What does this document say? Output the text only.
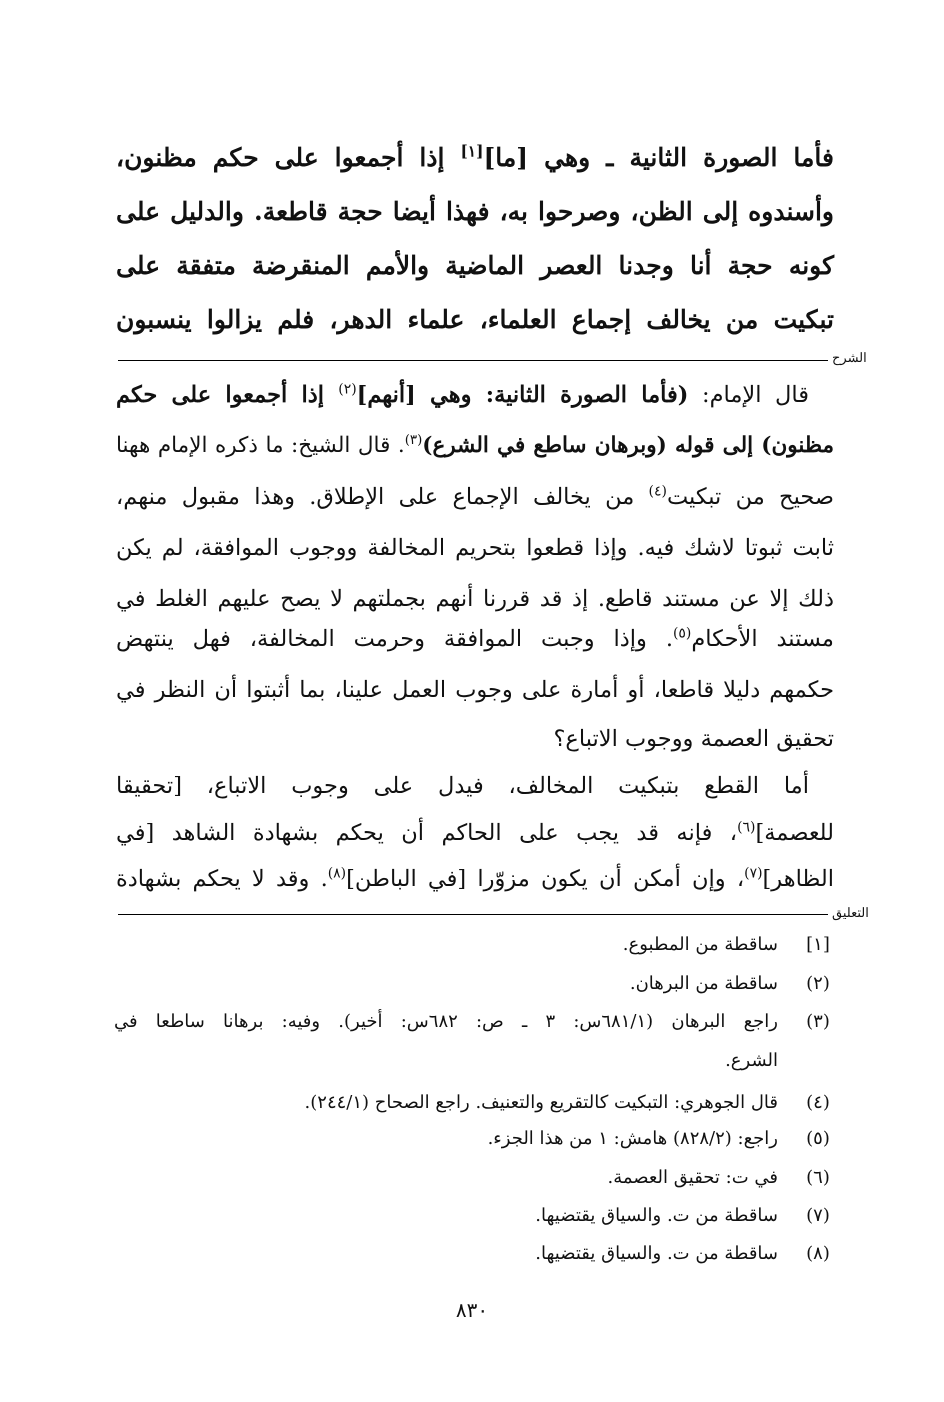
فأما الصورة الثانية ـ وهي [ما][١] إذا أجمعوا على حكم مظنون،
وأسندوه إلى الظن، وصرحوا به، فهذا أيضا حجة قاطعة. والدليل على
كونه حجة أنا وجدنا العصر الماضية والأمم المنقرضة متفقة على
تبكيت من يخالف إجماع العلماء، علماء الدهر، فلم يزالوا ينسبون
الشرح
قال الإمام: (فأما الصورة الثانية: وهي [أنهم]$^{(٢)}$ إذا أجمعوا على حكم
مظنون) إلى قوله (وبرهان ساطع في الشرع)$^{(٣)}$. قال الشيخ: ما ذكره الإمام ههنا
صحيح من تبكيت$^{(٤)}$ من يخالف الإجماع على الإطلاق. وهذا مقبول منهم،
ثابت ثبوتا لاشك فيه. وإذا قطعوا بتحريم المخالفة ووجوب الموافقة، لم يكن
ذلك إلا عن مستند قاطع. إذ قد قررنا أنهم بجملتهم لا يصح عليهم الغلط في
مستند الأحكام$^{(٥)}$. وإذا وجبت الموافقة وحرمت المخالفة، فهل ينتهض
حكمهم دليلا قاطعا، أو أمارة على وجوب العمل علينا، بما أثبتوا أن النظر في
تحقيق العصمة ووجوب الاتباع؟
أما القطع بتبكيت المخالف، فيدل على وجوب الاتباع، [تحقيقا
للعصمة]$^{(٦)}$، فإنه قد يجب على الحاكم أن يحكم بشهادة الشاهد [في
الظاهر]$^{(٧)}$، وإن أمكن أن يكون مزوّرا [في الباطن]$^{(٨)}$. وقد لا يحكم بشهادة
التعليق
[١]
ساقطة من المطبوع.
(٢)
ساقطة من البرهان.
(٣)
راجع البرهان (٦٨١/١س: ٣ ـ ص: ٦٨٢س: أخير). وفيه: برهانا ساطعا في
الشرع.
(٤)
قال الجوهري: التبكيت كالتقريع والتعنيف. راجع الصحاح (٢٤٤/١).
(٥)
راجع: (٨٢٨/٢) هامش: ١ من هذا الجزء.
(٦)
في ت: تحقيق العصمة.
(٧)
ساقطة من ت. والسياق يقتضيها.
(٨)
ساقطة من ت. والسياق يقتضيها.
٨٣٠
